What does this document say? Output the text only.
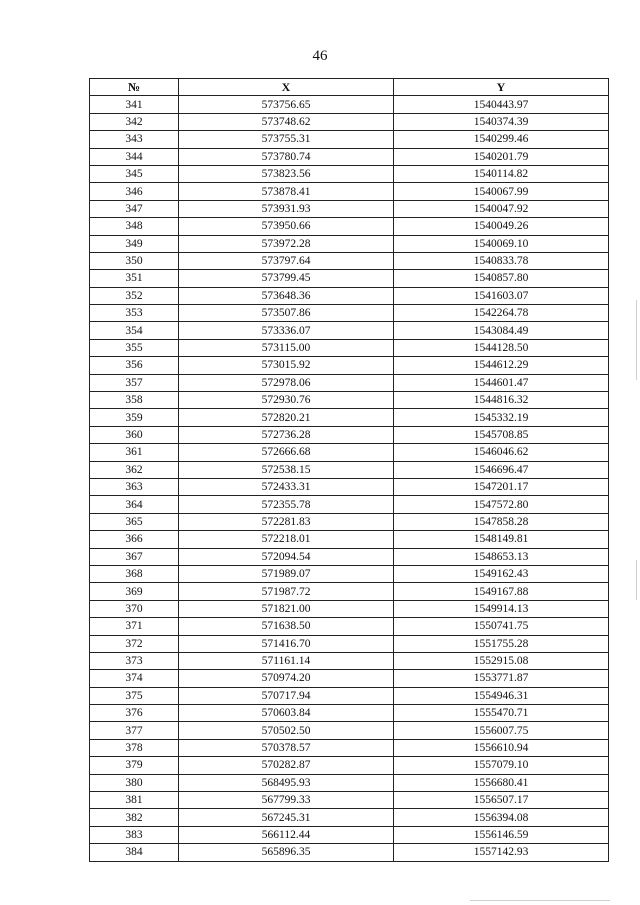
46
№	X	Y
341	573756.65	1540443.97
342	573748.62	1540374.39
343	573755.31	1540299.46
344	573780.74	1540201.79
345	573823.56	1540114.82
346	573878.41	1540067.99
347	573931.93	1540047.92
348	573950.66	1540049.26
349	573972.28	1540069.10
350	573797.64	1540833.78
351	573799.45	1540857.80
352	573648.36	1541603.07
353	573507.86	1542264.78
354	573336.07	1543084.49
355	573115.00	1544128.50
356	573015.92	1544612.29
357	572978.06	1544601.47
358	572930.76	1544816.32
359	572820.21	1545332.19
360	572736.28	1545708.85
361	572666.68	1546046.62
362	572538.15	1546696.47
363	572433.31	1547201.17
364	572355.78	1547572.80
365	572281.83	1547858.28
366	572218.01	1548149.81
367	572094.54	1548653.13
368	571989.07	1549162.43
369	571987.72	1549167.88
370	571821.00	1549914.13
371	571638.50	1550741.75
372	571416.70	1551755.28
373	571161.14	1552915.08
374	570974.20	1553771.87
375	570717.94	1554946.31
376	570603.84	1555470.71
377	570502.50	1556007.75
378	570378.57	1556610.94
379	570282.87	1557079.10
380	568495.93	1556680.41
381	567799.33	1556507.17
382	567245.31	1556394.08
383	566112.44	1556146.59
384	565896.35	1557142.93
